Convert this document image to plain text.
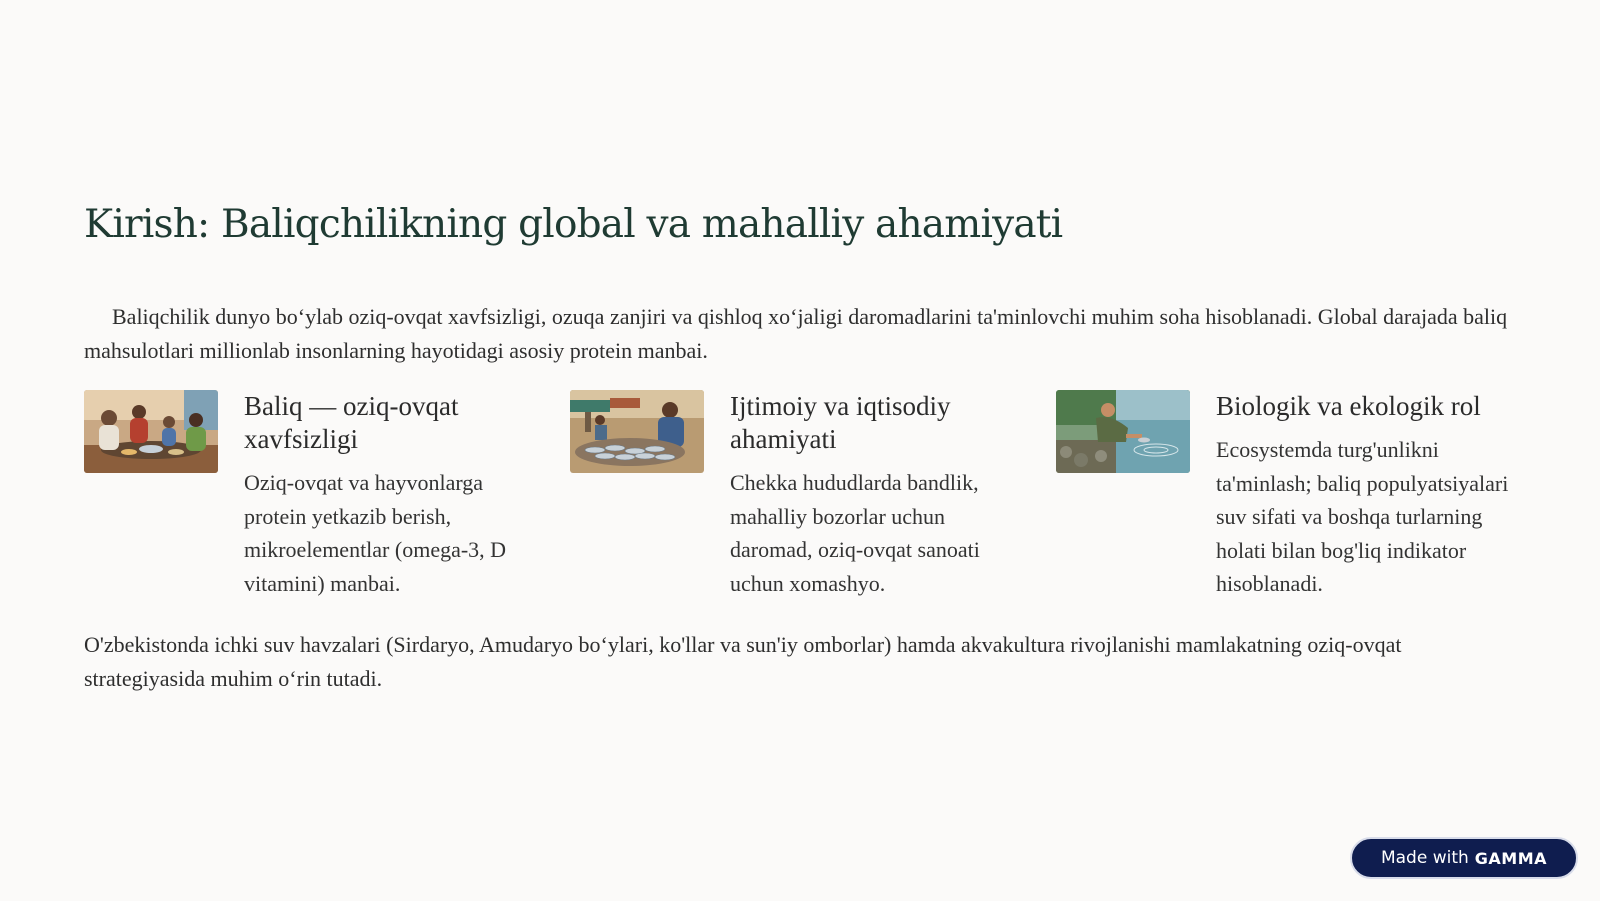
Kirish: Baliqchilikning global va mahalliy ahamiyati

Baliqchilik dunyo bo‘ylab oziq-ovqat xavfsizligi, ozuqa zanjiri va qishloq xo‘jaligi daromadlarini ta'minlovchi muhim soha hisoblanadi. Global darajada baliq mahsulotlari millionlab insonlarning hayotidagi asosiy protein manbai.

Baliq — oziq-ovqat xavfsizligi

Oziq-ovqat va hayvonlarga protein yetkazib berish, mikroelementlar (omega-3, D vitamini) manbai.

Ijtimoiy va iqtisodiy ahamiyati

Chekka hududlarda bandlik, mahalliy bozorlar uchun daromad, oziq-ovqat sanoati uchun xomashyo.

Biologik va ekologik rol

Ecosystemda turg'unlikni ta'minlash; baliq populyatsiyalari suv sifati va boshqa turlarning holati bilan bog'liq indikator hisoblanadi.

O'zbekistonda ichki suv havzalari (Sirdaryo, Amudaryo bo‘ylari, ko'llar va sun'iy omborlar) hamda akvakultura rivojlanishi mamlakatning oziq-ovqat strategiyasida muhim o‘rin tutadi.

Made with GAMMA
